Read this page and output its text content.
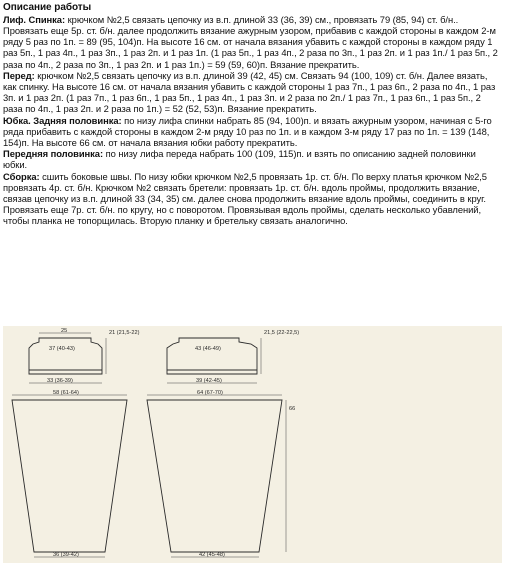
Описание работы

Лиф. Спинка: крючком №2,5 связать цепочку из в.п. длиной 33 (36, 39) см., провязать 79 (85, 94) ст. б/н.. Провязать еще 5р. ст. б/н. далее продолжить вязание ажурным узором, прибавив с каждой стороны в каждом 2-м ряду 5 раз по 1п. = 89 (95, 104)п. На высоте 16 см. от начала вязания убавить с каждой стороны в каждом ряду 1 раз 5п., 1 раз 4п., 1 раз 3п., 1 раз 2п. и 1 раз 1п. (1 раз 5п., 1 раз 4п., 2 раза по 3п., 1 раз 2п. и 1 раз 1п./ 1 раз 5п., 2 раза по 4п., 2 раза по 3п., 1 раз 2п. и 1 раз 1п.) = 59 (59, 60)п. Вязание прекратить.

Перед: крючком №2,5 связать цепочку из в.п. длиной 39 (42, 45) см. Связать 94 (100, 109) ст. б/н. Далее вязать, как спинку. На высоте 16 см. от начала вязания убавить с каждой стороны 1 раз 7п., 1 раз 6п., 2 раза по 4п., 1 раз 3п. и 1 раз 2п. (1 раз 7п., 1 раз 6п., 1 раз 5п., 1 раз 4п., 1 раз 3п. и 2 раза по 2п./ 1 раз 7п., 1 раз 6п., 1 раз 5п., 2 раза по 4п., 1 раз 2п. и 2 раза по 1п.) = 52 (52, 53)п. Вязание прекратить.

Юбка. Задняя половинка: по низу лифа спинки набрать 85 (94, 100)п. и вязать ажурным узором, начиная с 5-го ряда прибавить с каждой стороны в каждом 2-м ряду 10 раз по 1п. и в каждом 3-м ряду 17 раз по 1п. = 139 (148, 154)п. На высоте 66 см. от начала вязания юбки работу прекратить.

Передняя половинка: по низу лифа переда набрать 100 (109, 115)п. и взять по описанию задней половинки юбки.

Сборка: сшить боковые швы. По низу юбки крючком №2,5 провязать 1р. ст. б/н. По верху платья крючком №2,5 провязать 4р. ст. б/н. Крючком №2 связать бретели: провязать 1р. ст. б/н. вдоль проймы, продолжить вязание, связав цепочку из в.п. длиной 33 (34, 35) см. далее снова продолжить вязание вдоль проймы, соединить в круг. Провязать еще 7р. ст. б/н. по кругу, но с поворотом. Провязывая вдоль проймы, сделать несколько убавлений, чтобы планка не топорщилась. Вторую планку и бретельку связать аналогично.

25
37 (40-43)
33 (36-39)
21 (21,5-22)
43 (46-49)
39 (42-45)
21,5 (22-22,5)
58 (61-64)
36 (39-42)
64 (67-70)
42 (45-48)
66
